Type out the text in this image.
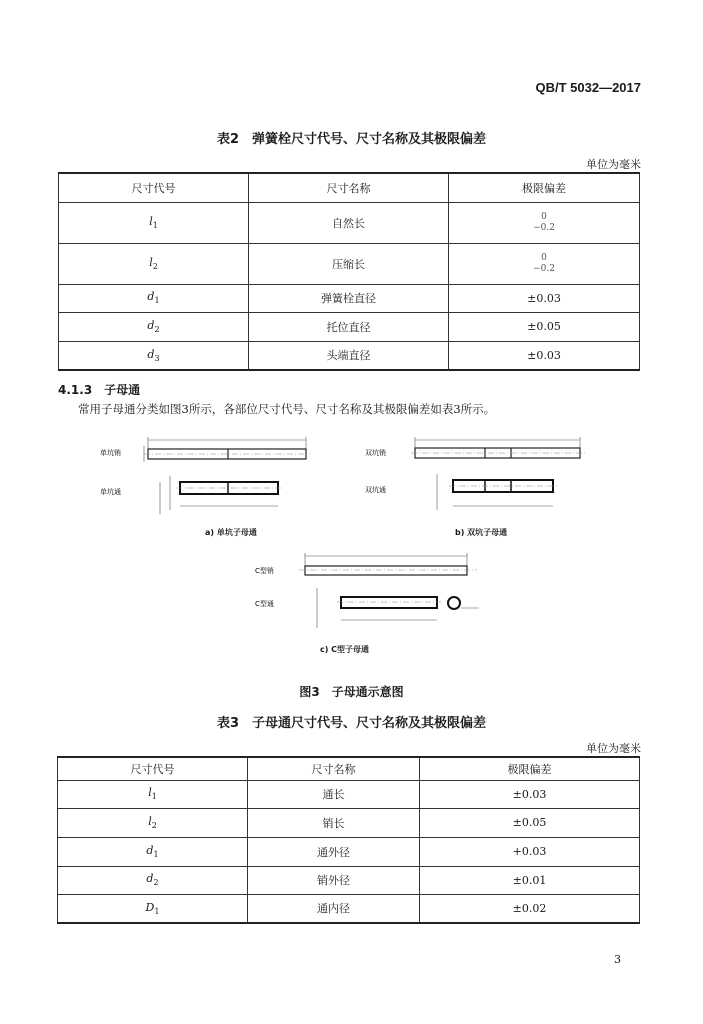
QB/T 5032—2017
表2　弹簧栓尺寸代号、尺寸名称及其极限偏差
单位为毫米
尺寸代号	尺寸名称	极限偏差
$l_1$	自然长	0
−0.2
$l_2$	压缩长	0
−0.2
$d_1$	弹簧栓直径	±0.03
$d_2$	托位直径	±0.05
$d_3$	头端直径	±0.03
4.1.3　子母通
常用子母通分类如图3所示，各部位尺寸代号、尺寸名称及其极限偏差如表3所示。
单坑销
单坑通
a) 单坑子母通
双坑销
双坑通
b) 双坑子母通
C型销
C型通
c) C型子母通
图3　子母通示意图
表3　子母通尺寸代号、尺寸名称及其极限偏差
单位为毫米
尺寸代号	尺寸名称	极限偏差
$l_1$	通长	±0.03
$l_2$	销长	±0.05
$d_1$	通外径	+0.03
$d_2$	销外径	±0.01
$D_1$	通内径	±0.02
3
